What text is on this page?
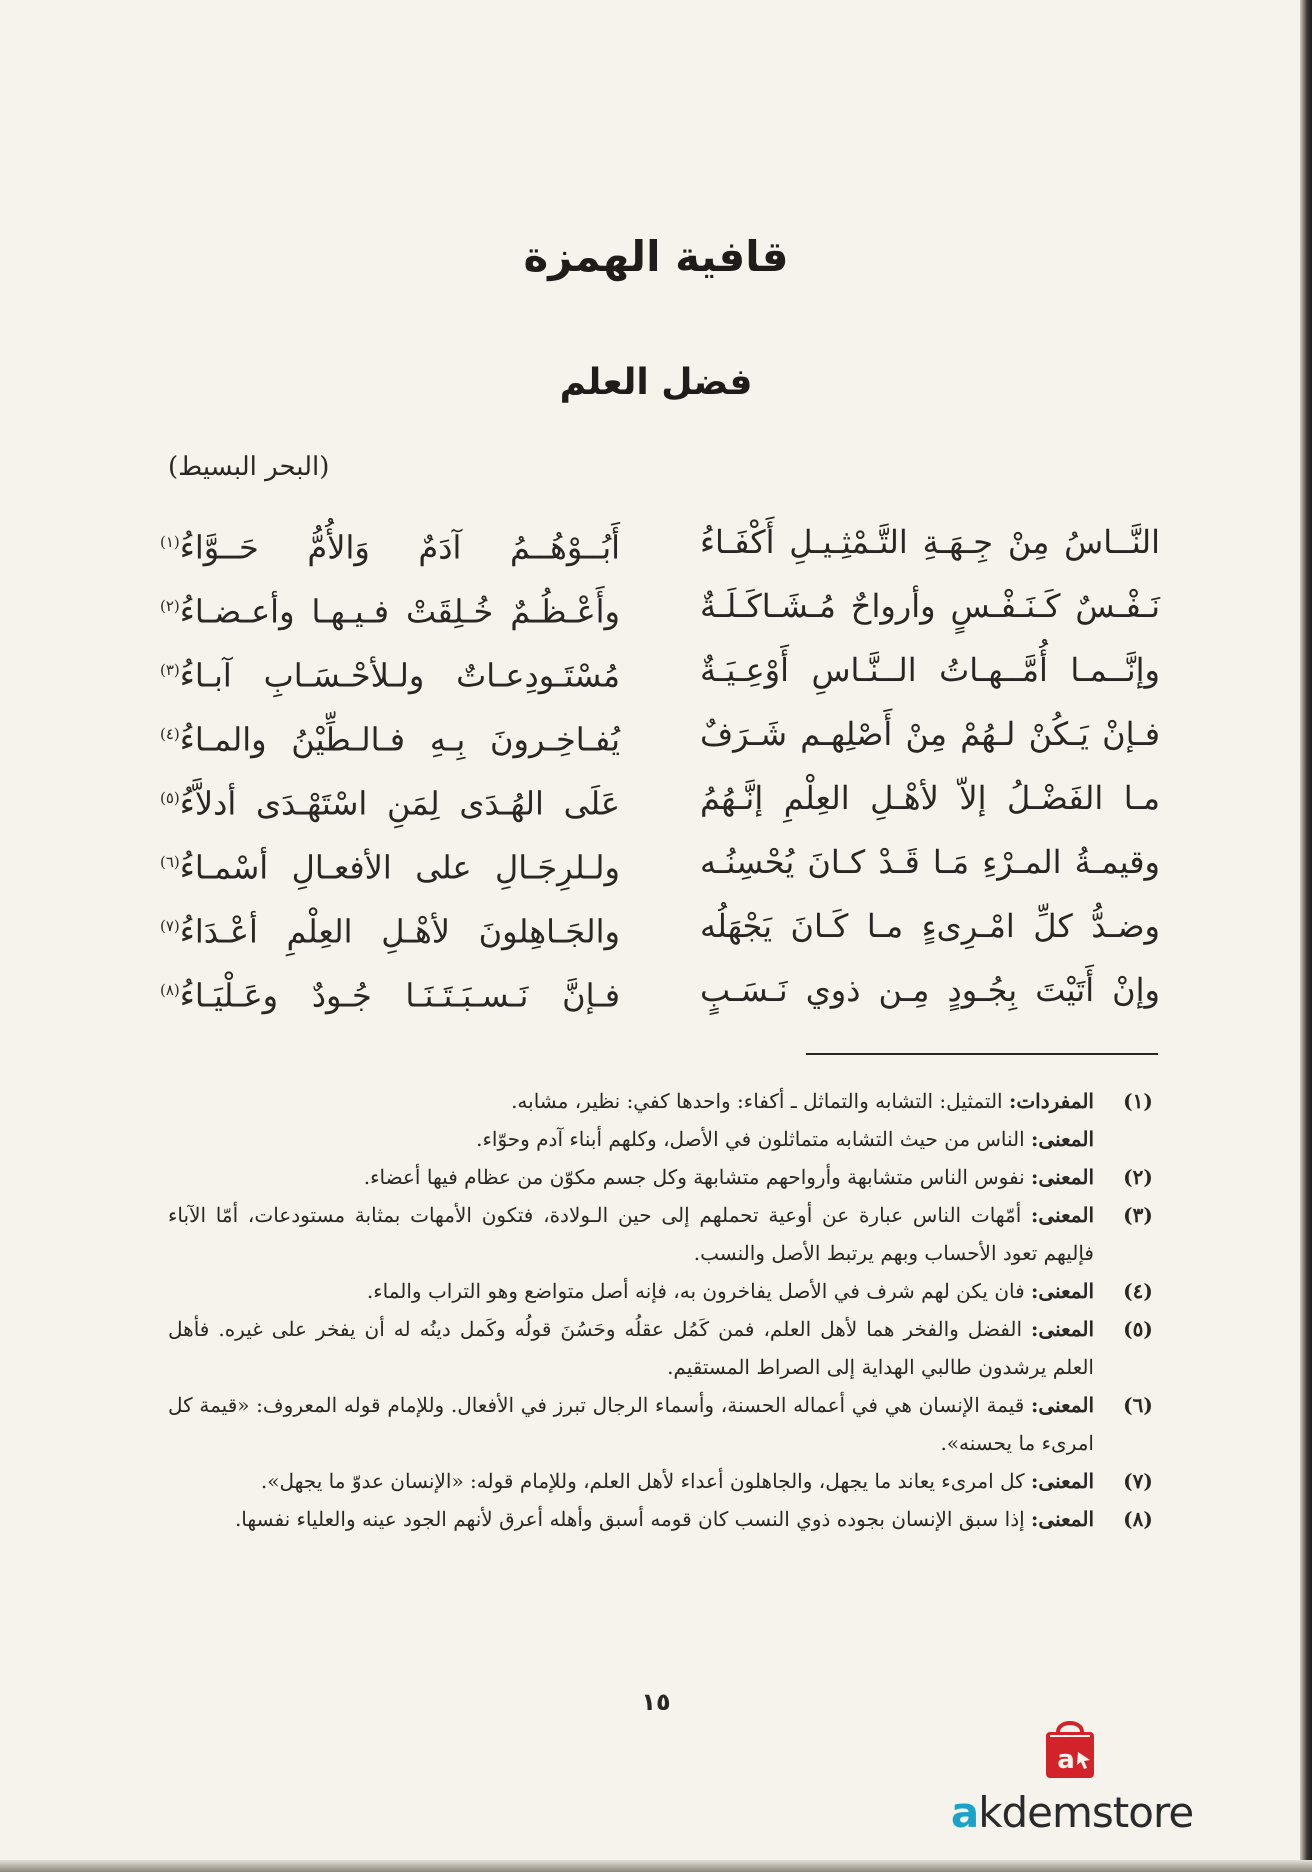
قافية الهمزة
فضل العلم
(البحر البسيط)
النَّــاسُ مِنْ جِـهَـةِ التَّـمْثِـيـلِ أَكْفَـاءُ
أَبُــوْهُــمُ آدَمٌ وَالأُمُّ حَــوَّاءُ$^{(١)}$
نَـفْـسٌ كَـنَـفْـسٍ وأرواحٌ مُـشَـاكَـلَـةٌ
وأَعْـظُـمٌ خُـلِقَتْ فـيـهـا وأعـضـاءُ$^{(٢)}$
وإنَّــمـا أُمَّــهـاتُ الــنَّـاسِ أَوْعِـيَـةٌ
مُسْتَـودِعـاتٌ ولـلأحْـسَـابِ آبـاءُ$^{(٣)}$
فـإنْ يَـكُنْ لـهُمْ مِنْ أَصْلِهـم شَـرَفٌ
يُفـاخِـرونَ بِـهِ فـالـطِّيْنُ والمـاءُ$^{(٤)}$
مـا الفَضْـلُ إلاّ لأهْـلِ العِلْمِ إنَّـهُمُ
عَلَى الهُـدَى لِمَنِ اسْتَهْـدَى أدلاَّءُ$^{(٥)}$
وقيمـةُ المـرْءِ مَـا قَـدْ كـانَ يُحْسِنُـه
ولـلرِجَـالِ على الأفعـالِ أسْمـاءُ$^{(٦)}$
وضـدُّ كلِّ امْـرِىءٍ مـا كَـانَ يَجْهَلُه
والجَـاهِلونَ لأهْـلِ العِلْمِ أعْـدَاءُ$^{(٧)}$
وإنْ أَتَيْتَ بِجُـودٍ مِـن ذوي نَـسَـبٍ
فـإنَّ نَـسـبَـتَـنَـا جُـودٌ وعَـلْيَـاءُ$^{(٨)}$
(١)
المفردات: التمثيل: التشابه والتماثل ـ أكفاء: واحدها كفي: نظير، مشابه.
المعنى: الناس من حيث التشابه متماثلون في الأصل، وكلهم أبناء آدم وحوّاء.
(٢)
المعنى: نفوس الناس متشابهة وأرواحهم متشابهة وكل جسم مكوّن من عظام فيها أعضاء.
(٣)
المعنى: أمّهات الناس عبارة عن أوعية تحملهم إلى حين الـولادة، فتكون الأمهات بمثابة مستودعات، أمّا الآباء فإليهم تعود الأحساب وبهم يرتبط الأصل والنسب.
(٤)
المعنى: فان يكن لهم شرف في الأصل يفاخرون به، فإنه أصل متواضع وهو التراب والماء.
(٥)
المعنى: الفضل والفخر هما لأهل العلم، فمن كَمُل عقلُه وحَسُنَ قولُه وكَمل دينُه له أن يفخر على غيره. فأهل العلم يرشدون طالبي الهداية إلى الصراط المستقيم.
(٦)
المعنى: قيمة الإنسان هي في أعماله الحسنة، وأسماء الرجال تبرز في الأفعال. وللإمام قوله المعروف: «قيمة كل امرىء ما يحسنه».
(٧)
المعنى: كل امرىء يعاند ما يجهل، والجاهلون أعداء لأهل العلم، وللإمام قوله: «الإنسان عدوّ ما يجهل».
(٨)
المعنى: إذا سبق الإنسان بجوده ذوي النسب كان قومه أسبق وأهله أعرق لأنهم الجود عينه والعلياء نفسها.
١٥
a
akdemstore
